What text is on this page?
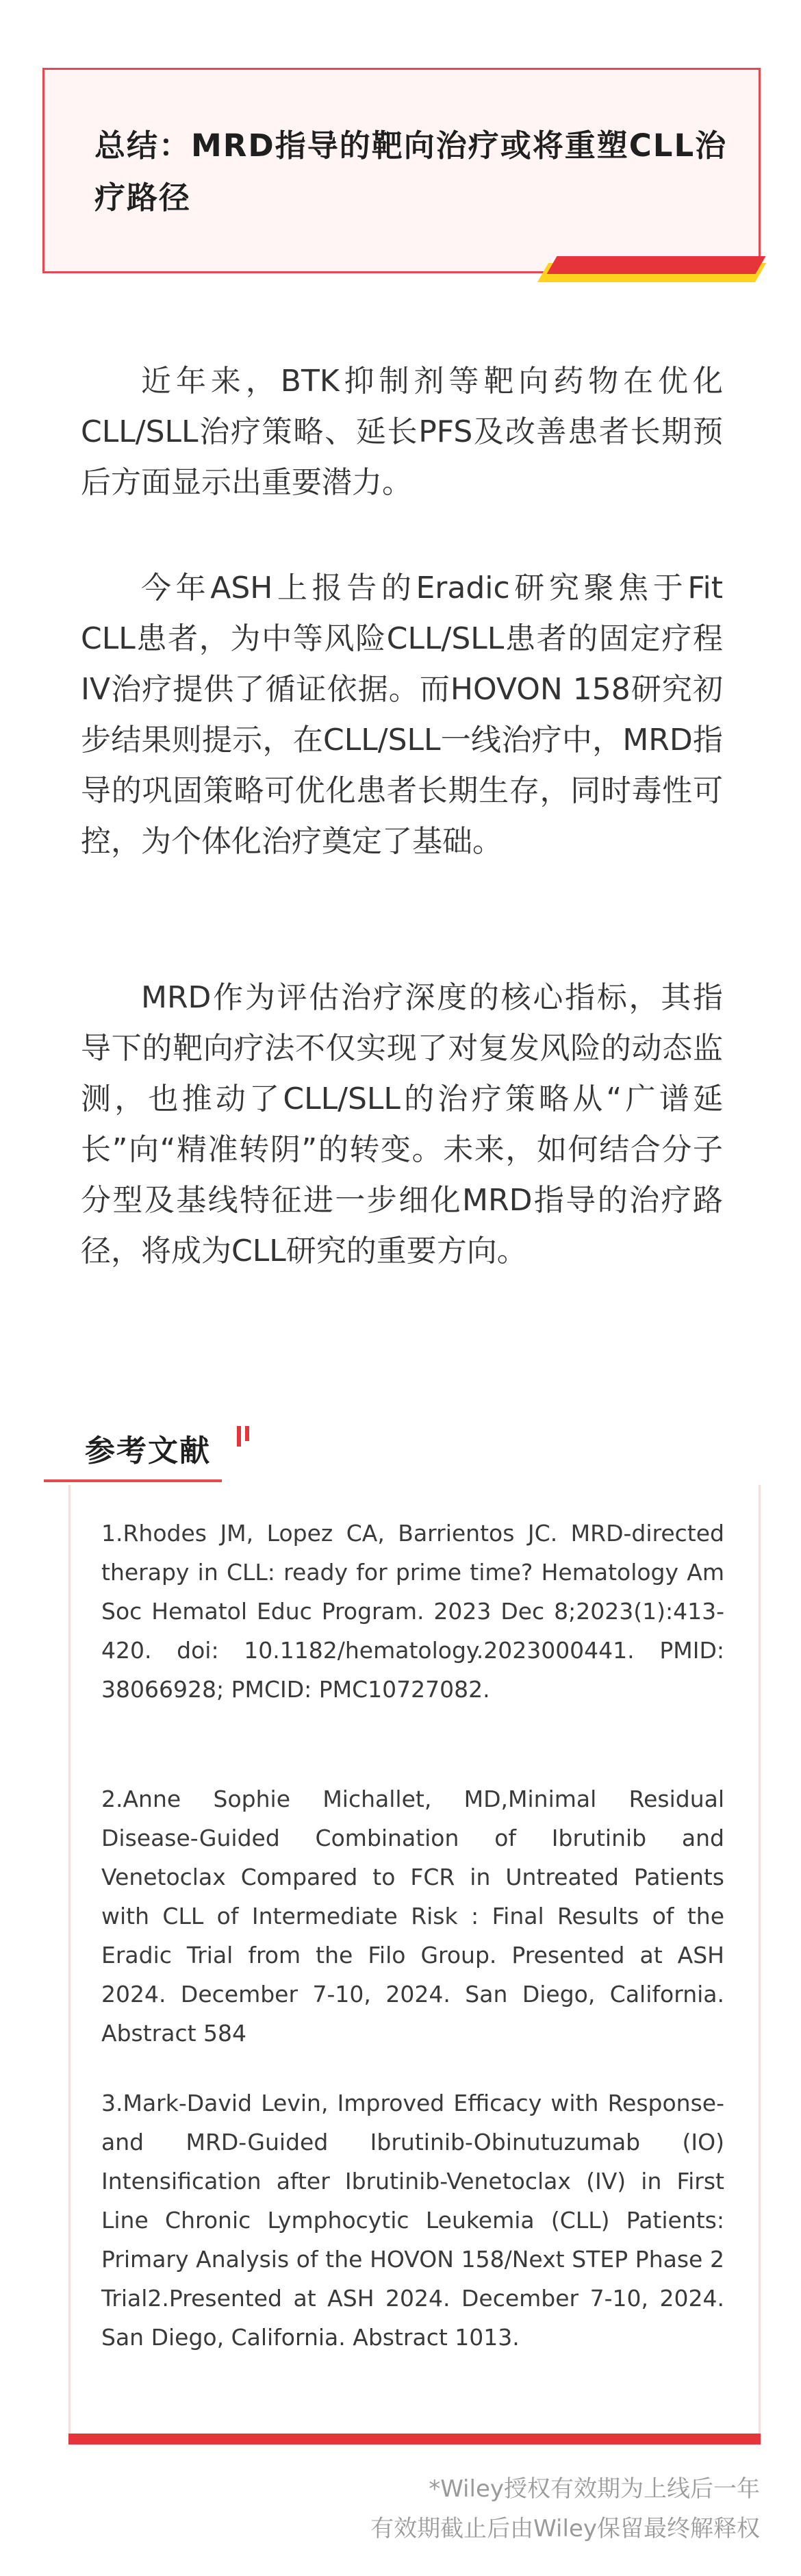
总结：MRD指导的靶向治疗或将重塑CLL治疗路径

近年来，BTK抑制剂等靶向药物在优化CLL/SLL治疗策略、延长PFS及改善患者长期预后方面显示出重要潜力。

今年ASH上报告的Eradic研究聚焦于Fit CLL患者，为中等风险CLL/SLL患者的固定疗程IV治疗提供了循证依据。而HOVON 158研究初步结果则提示，在CLL/SLL一线治疗中，MRD指导的巩固策略可优化患者长期生存，同时毒性可控，为个体化治疗奠定了基础。

MRD作为评估治疗深度的核心指标，其指导下的靶向疗法不仅实现了对复发风险的动态监测，也推动了CLL/SLL的治疗策略从“广谱延长”向“精准转阴”的转变。未来，如何结合分子分型及基线特征进一步细化MRD指导的治疗路径，将成为CLL研究的重要方向。

参考文献

1.Rhodes JM, Lopez CA, Barrientos JC. MRD-directed therapy in CLL: ready for prime time? Hematology Am Soc Hematol Educ Program. 2023 Dec 8;2023(1):413-420. doi: 10.1182/hematology.2023000441. PMID: 38066928; PMCID: PMC10727082.

2.Anne Sophie Michallet, MD,Minimal Residual Disease-Guided Combination of Ibrutinib and Venetoclax Compared to FCR in Untreated Patients with CLL of Intermediate Risk : Final Results of the Eradic Trial from the Filo Group. Presented at ASH 2024. December 7-10, 2024. San Diego, California. Abstract 584

3.Mark-David Levin, Improved Efficacy with Response- and MRD-Guided Ibrutinib-Obinutuzumab (IO) Intensification after Ibrutinib-Venetoclax (IV) in First Line Chronic Lymphocytic Leukemia (CLL) Patients: Primary Analysis of the HOVON 158/Next STEP Phase 2 Trial2.Presented at ASH 2024. December 7-10, 2024. San Diego, California. Abstract 1013.

*Wiley授权有效期为上线后一年
有效期截止后由Wiley保留最终解释权
